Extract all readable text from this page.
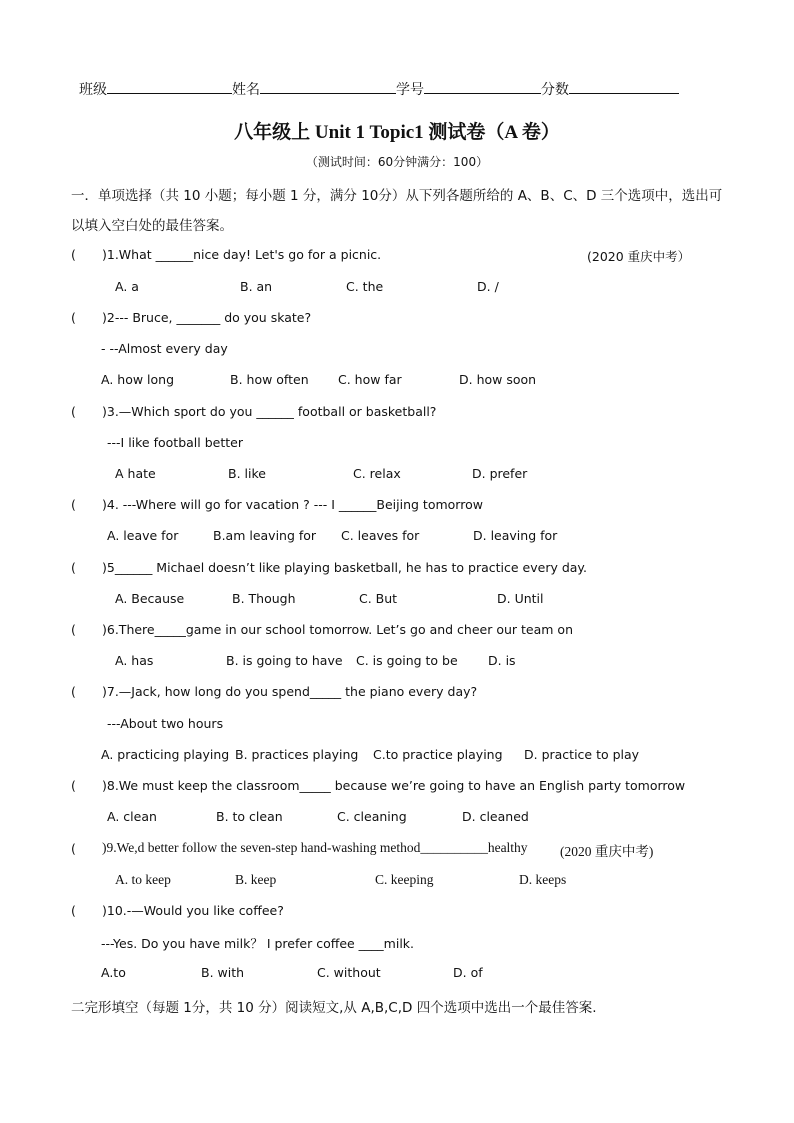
班级	姓名	学号	分数
八年级上 Unit 1 Topic1 测试卷（A 卷）
（测试时间：60分钟满分：100）
一．单项选择（共 10 小题；每小题 1 分，满分 10分）从下列各题所给的 A、B、C、D 三个选项中，选出可
以填入空白处的最佳答案。
( )1.What ______nice day! Let's go for a picnic.	(2020 重庆中考）
A. a	B. an	C. the	D. /
( )2--- Bruce, _______ do you skate?
- --Almost every day
A. how long	B. how often C. how far	D. how soon
( )3.—Which sport do you ______ football or basketball?
---I like football better
A hate	B. like	C. relax	D. prefer
( )4. ---Where will go for vacation ? --- I ______Beijing tomorrow
A. leave for	B.am leaving for C. leaves for	D. leaving for
( )5______ Michael doesn’t like playing basketball, he has to practice every day.
A. Because	B. Though	C. But	D. Until
( )6.There_____game in our school tomorrow. Let’s go and cheer our team on
A. has	B. is going to have C. is going to be D. is
( )7.—Jack, how long do you spend_____ the piano every day?
---About two hours
A. practicing playing B. practices playing C.to practice playing D. practice to play
( )8.We must keep the classroom_____ because we’re going to have an English party tomorrow
A. clean	B. to clean	C. cleaning	D. cleaned
( )9.We,d better follow the seven-step hand-washing method__________healthy (2020 重庆中考)
A. to keep	B. keep	C. keeping	D. keeps
( )10.-—Would you like coffee?
---Yes. Do you have milk？ I prefer coffee ____milk.
A.to	B. with	C. without	D. of
二完形填空（每题 1分，共 10 分）阅读短文,从 A,B,C,D 四个选项中选出一个最佳答案.
